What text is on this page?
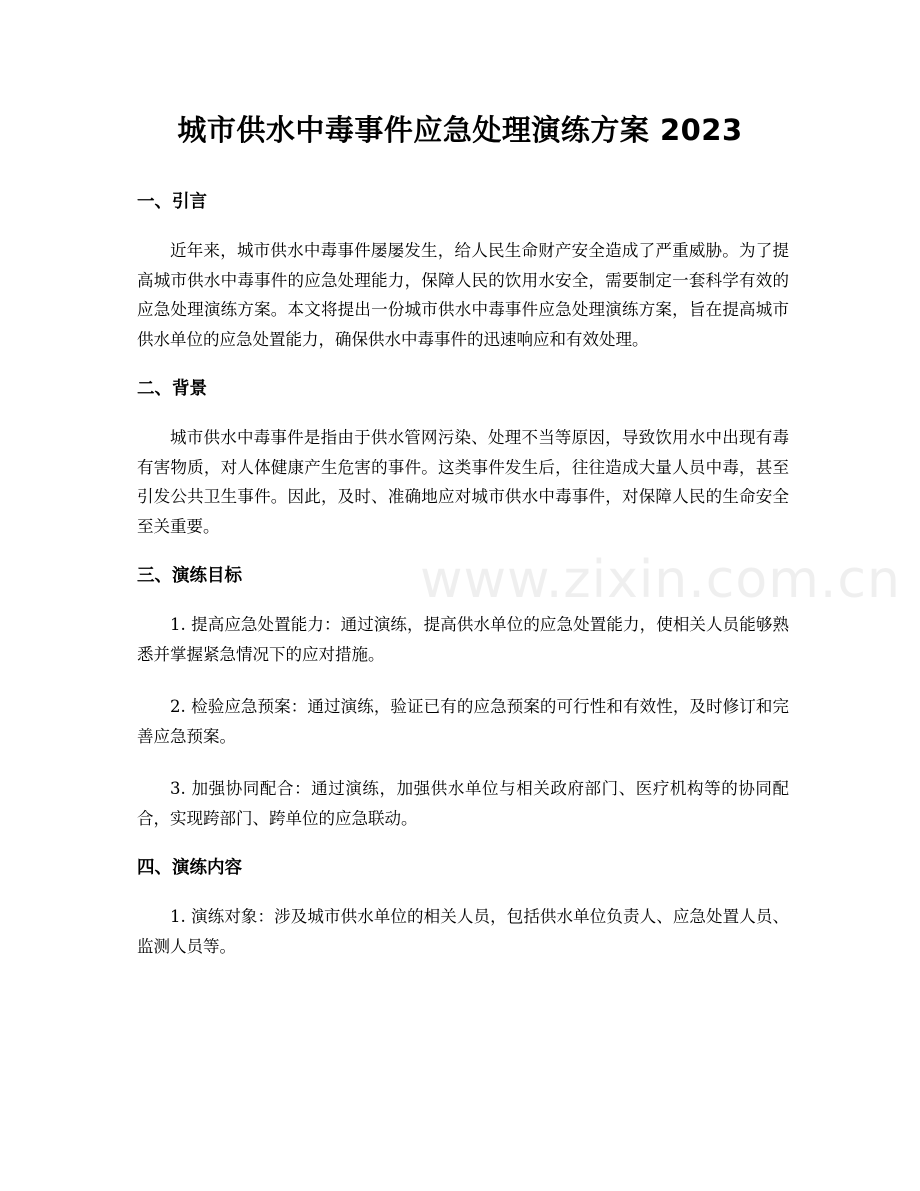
城市供水中毒事件应急处理演练方案 2023
一、引言

近年来，城市供水中毒事件屡屡发生，给人民生命财产安全造成了严重威胁。为了提高城市供水中毒事件的应急处理能力，保障人民的饮用水安全，需要制定一套科学有效的应急处理演练方案。本文将提出一份城市供水中毒事件应急处理演练方案，旨在提高城市供水单位的应急处置能力，确保供水中毒事件的迅速响应和有效处理。

二、背景

城市供水中毒事件是指由于供水管网污染、处理不当等原因，导致饮用水中出现有毒有害物质，对人体健康产生危害的事件。这类事件发生后，往往造成大量人员中毒，甚至引发公共卫生事件。因此，及时、准确地应对城市供水中毒事件，对保障人民的生命安全至关重要。

三、演练目标

1. 提高应急处置能力：通过演练，提高供水单位的应急处置能力，使相关人员能够熟悉并掌握紧急情况下的应对措施。

2. 检验应急预案：通过演练，验证已有的应急预案的可行性和有效性，及时修订和完善应急预案。

3. 加强协同配合：通过演练，加强供水单位与相关政府部门、医疗机构等的协同配合，实现跨部门、跨单位的应急联动。

四、演练内容

1. 演练对象：涉及城市供水单位的相关人员，包括供水单位负责人、应急处置人员、监测人员等。

www.zixin.com.cn
